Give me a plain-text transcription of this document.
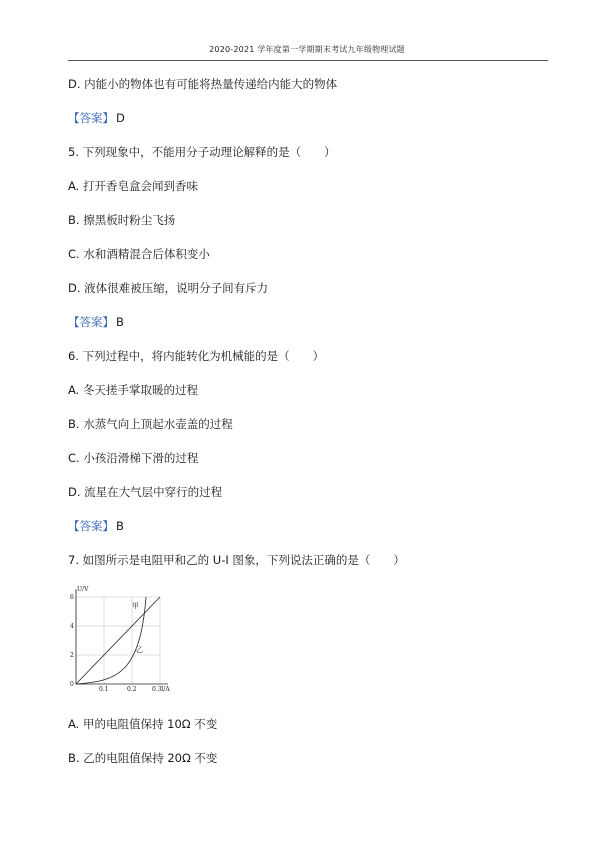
2020-2021 学年度第一学期期末考试九年级物理试题
D. 内能小的物体也有可能将热量传递给内能大的物体
【答案】 D
5. 下列现象中，不能用分子动理论解释的是（　　）
A. 打开香皂盒会闻到香味
B. 擦黑板时粉尘飞扬
C. 水和酒精混合后体积变小
D. 液体很难被压缩，说明分子间有斥力
【答案】 B
6. 下列过程中，将内能转化为机械能的是（　　）
A. 冬天搓手掌取暖的过程
B. 水蒸气向上顶起水壶盖的过程
C. 小孩沿滑梯下滑的过程
D. 流星在大气层中穿行的过程
【答案】 B
7. 如图所示是电阻甲和乙的 U-I 图象，下列说法正确的是（　　）
U/V
I/A
6
4
2
0
0.1	0.2	0.3
甲
乙
A. 甲的电阻值保持 10Ω 不变
B. 乙的电阻值保持 20Ω 不变
